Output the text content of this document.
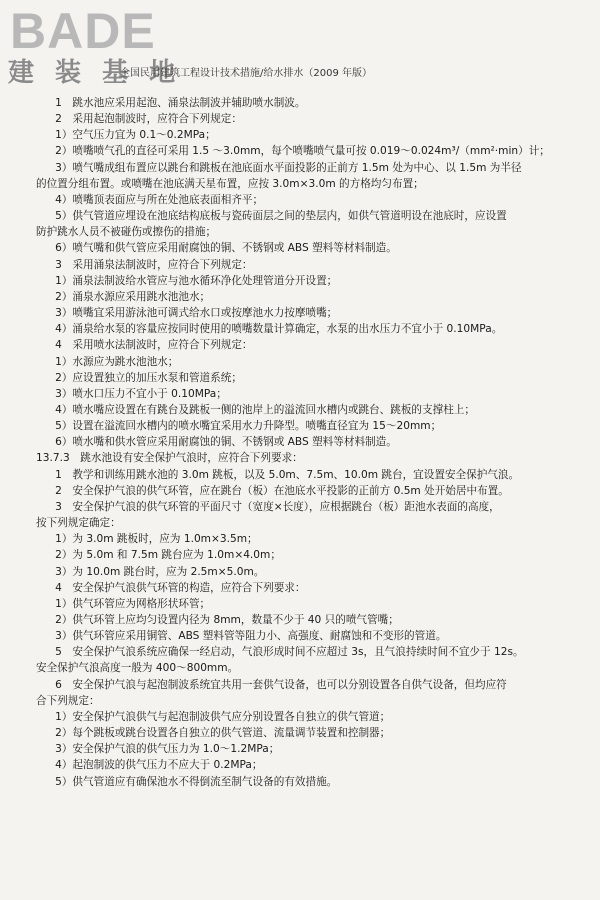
BADE
建 装 基 地
全国民用建筑工程设计技术措施/给水排水（2009 年版）

1　跳水池应采用起泡、涌泉法制波并辅助喷水制波。

2　采用起泡制波时，应符合下列规定：

1）空气压力宜为 0.1～0.2MPa；

2）喷嘴喷气孔的直径可采用 1.5 ～3.0mm，每个喷嘴喷气量可按 0.019～0.024m³/（mm²·min）计；

3）喷气嘴成组布置应以跳台和跳板在池底面水平面投影的正前方 1.5m 处为中心、以 1.5m 为半径

的位置分组布置。或喷嘴在池底满天星布置，应按 3.0m×3.0m 的方格均匀布置；

4）喷嘴顶表面应与所在处池底表面相齐平；

5）供气管道应埋设在池底结构底板与瓷砖面层之间的垫层内，如供气管道明设在池底时，应设置

防护跳水人员不被碰伤或擦伤的措施；

6）喷气嘴和供气管应采用耐腐蚀的铜、不锈钢或 ABS 塑料等材料制造。

3　采用涌泉法制波时，应符合下列规定：

1）涌泉法制波给水管应与池水循环净化处理管道分开设置；

2）涌泉水源应采用跳水池池水；

3）喷嘴宜采用游泳池可调式给水口或按摩池水力按摩喷嘴；

4）涌泉给水泵的容量应按同时使用的喷嘴数量计算确定，水泵的出水压力不宜小于 0.10MPa。

4　采用喷水法制波时，应符合下列规定：

1）水源应为跳水池池水；

2）应设置独立的加压水泵和管道系统；

3）喷水口压力不宜小于 0.10MPa；

4）喷水嘴应设置在有跳台及跳板一侧的池岸上的溢流回水槽内或跳台、跳板的支撑柱上；

5）设置在溢流回水槽内的喷水嘴宜采用水力升降型。喷嘴直径宜为 15～20mm；

6）喷水嘴和供水管应采用耐腐蚀的铜、不锈钢或 ABS 塑料等材料制造。

13.7.3　跳水池设有安全保护气浪时，应符合下列要求：

1　教学和训练用跳水池的 3.0m 跳板，以及 5.0m、7.5m、10.0m 跳台，宜设置安全保护气浪。

2　安全保护气浪的供气环管，应在跳台（板）在池底水平投影的正前方 0.5m 处开始居中布置。

3　安全保护气浪的供气环管的平面尺寸（宽度×长度），应根据跳台（板）距池水表面的高度，

按下列规定确定：

1）为 3.0m 跳板时，应为 1.0m×3.5m；

2）为 5.0m 和 7.5m 跳台应为 1.0m×4.0m；

3）为 10.0m 跳台时，应为 2.5m×5.0m。

4　安全保护气浪供气环管的构造，应符合下列要求：

1）供气环管应为网格形状环管；

2）供气环管上应均匀设置内径为 8mm，数量不少于 40 只的喷气管嘴；

3）供气环管应采用铜管、ABS 塑料管等阻力小、高强度、耐腐蚀和不变形的管道。

5　安全保护气浪系统应确保一经启动，气浪形成时间不应超过 3s，且气浪持续时间不宜少于 12s。

安全保护气浪高度一般为 400～800mm。

6　安全保护气浪与起泡制波系统宜共用一套供气设备，也可以分别设置各自供气设备，但均应符

合下列规定：

1）安全保护气浪供气与起泡制波供气应分别设置各自独立的供气管道；

2）每个跳板或跳台设置各自独立的供气管道、流量调节装置和控制器；

3）安全保护气浪的供气压力为 1.0～1.2MPa；

4）起泡制波的供气压力不应大于 0.2MPa；

5）供气管道应有确保池水不得倒流至制气设备的有效措施。
